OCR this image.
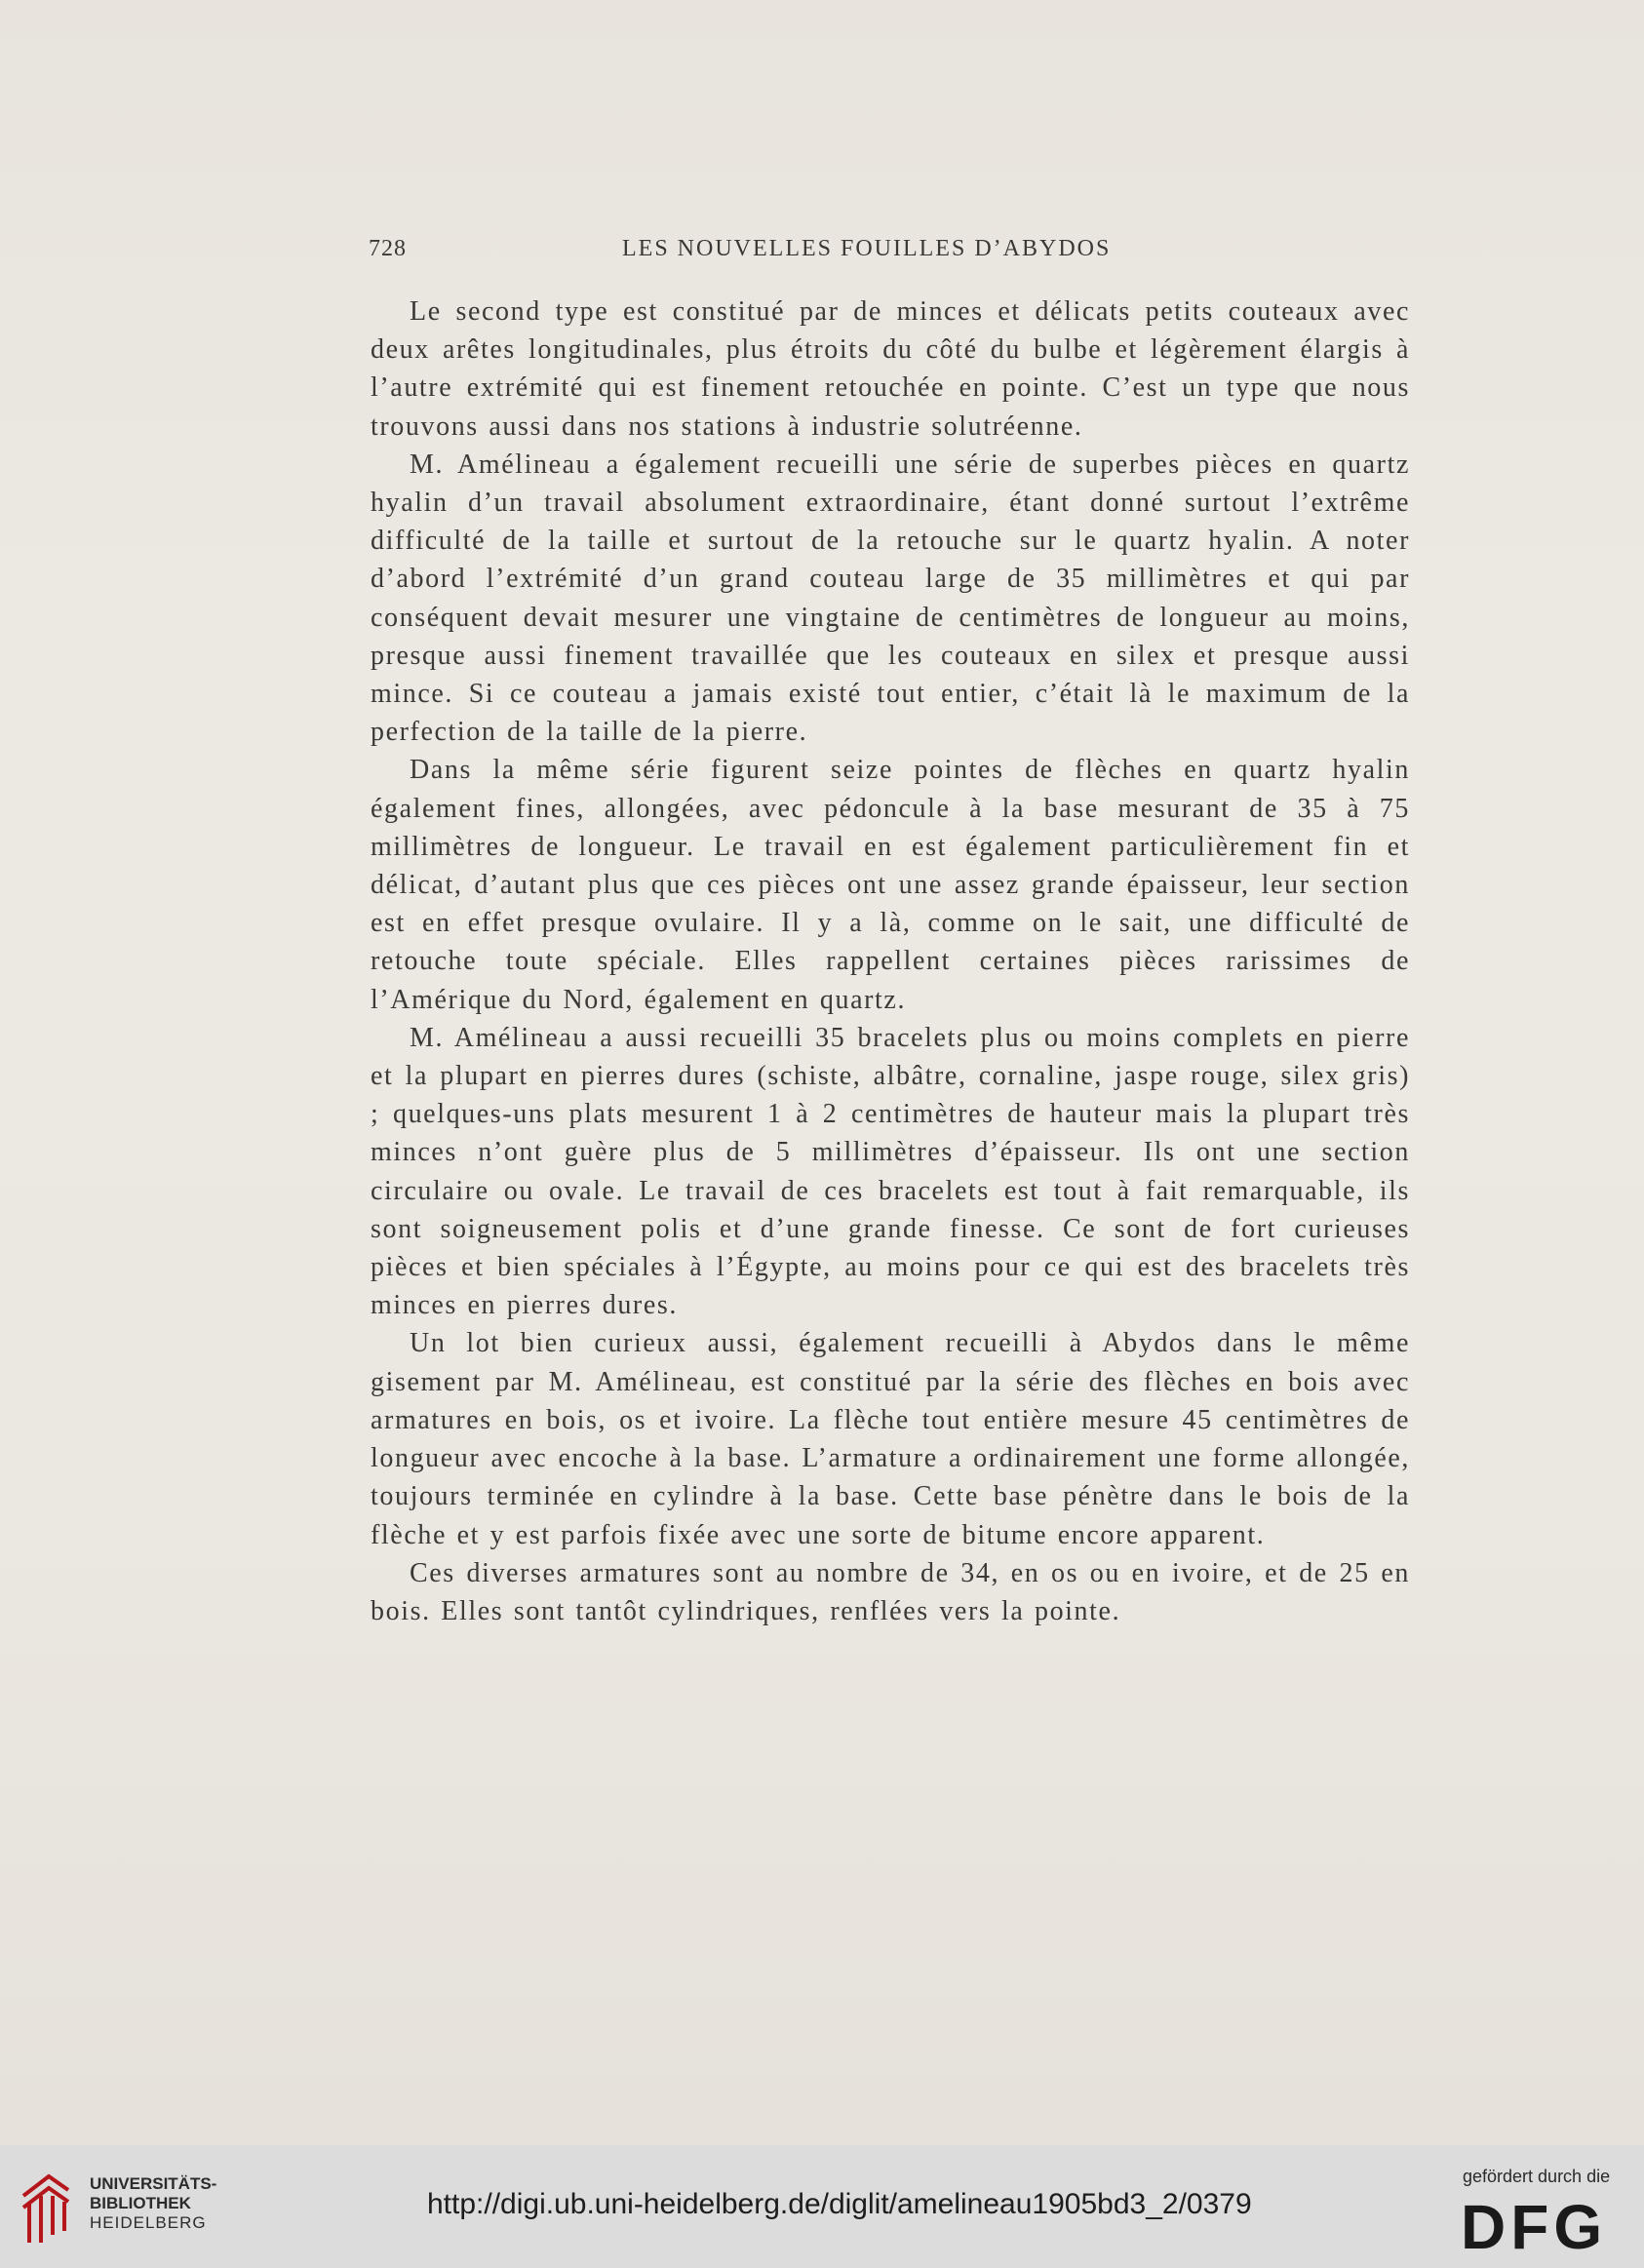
728	LES NOUVELLES FOUILLES D’ABYDOS

Le second type est constitué par de minces et délicats petits couteaux avec deux arêtes longitudinales, plus étroits du côté du bulbe et légèrement élargis à l’autre extrémité qui est finement retouchée en pointe. C’est un type que nous trouvons aussi dans nos stations à industrie solutréenne.

M. Amélineau a également recueilli une série de superbes pièces en quartz hyalin d’un travail absolument extraordinaire, étant donné surtout l’extrême difficulté de la taille et surtout de la retouche sur le quartz hyalin. A noter d’abord l’extrémité d’un grand couteau large de 35 millimètres et qui par conséquent devait mesurer une vingtaine de centimètres de longueur au moins, presque aussi finement travaillée que les couteaux en silex et presque aussi mince. Si ce couteau a jamais existé tout entier, c’était là le maximum de la perfection de la taille de la pierre.

Dans la même série figurent seize pointes de flèches en quartz hyalin également fines, allongées, avec pédoncule à la base mesurant de 35 à 75 millimètres de longueur. Le travail en est également particulièrement fin et délicat, d’autant plus que ces pièces ont une assez grande épaisseur, leur section est en effet presque ovulaire. Il y a là, comme on le sait, une difficulté de retouche toute spéciale. Elles rappellent certaines pièces rarissimes de l’Amérique du Nord, également en quartz.

M. Amélineau a aussi recueilli 35 bracelets plus ou moins complets en pierre et la plupart en pierres dures (schiste, albâtre, cornaline, jaspe rouge, silex gris) ; quelques-uns plats mesurent 1 à 2 centimètres de hauteur mais la plupart très minces n’ont guère plus de 5 millimètres d’épaisseur. Ils ont une section circulaire ou ovale. Le travail de ces bracelets est tout à fait remarquable, ils sont soigneusement polis et d’une grande finesse. Ce sont de fort curieuses pièces et bien spéciales à l’Égypte, au moins pour ce qui est des bracelets très minces en pierres dures.

Un lot bien curieux aussi, également recueilli à Abydos dans le même gisement par M. Amélineau, est constitué par la série des flèches en bois avec armatures en bois, os et ivoire. La flèche tout entière mesure 45 centimètres de longueur avec encoche à la base. L’armature a ordinairement une forme allongée, toujours terminée en cylindre à la base. Cette base pénètre dans le bois de la flèche et y est parfois fixée avec une sorte de bitume encore apparent.

Ces diverses armatures sont au nombre de 34, en os ou en ivoire, et de 25 en bois. Elles sont tantôt cylindriques, renflées vers la pointe.

UNIVERSITÄTS-
BIBLIOTHEK
HEIDELBERG
http://digi.ub.uni-heidelberg.de/diglit/amelineau1905bd3_2/0379
gefördert durch die
DFG
